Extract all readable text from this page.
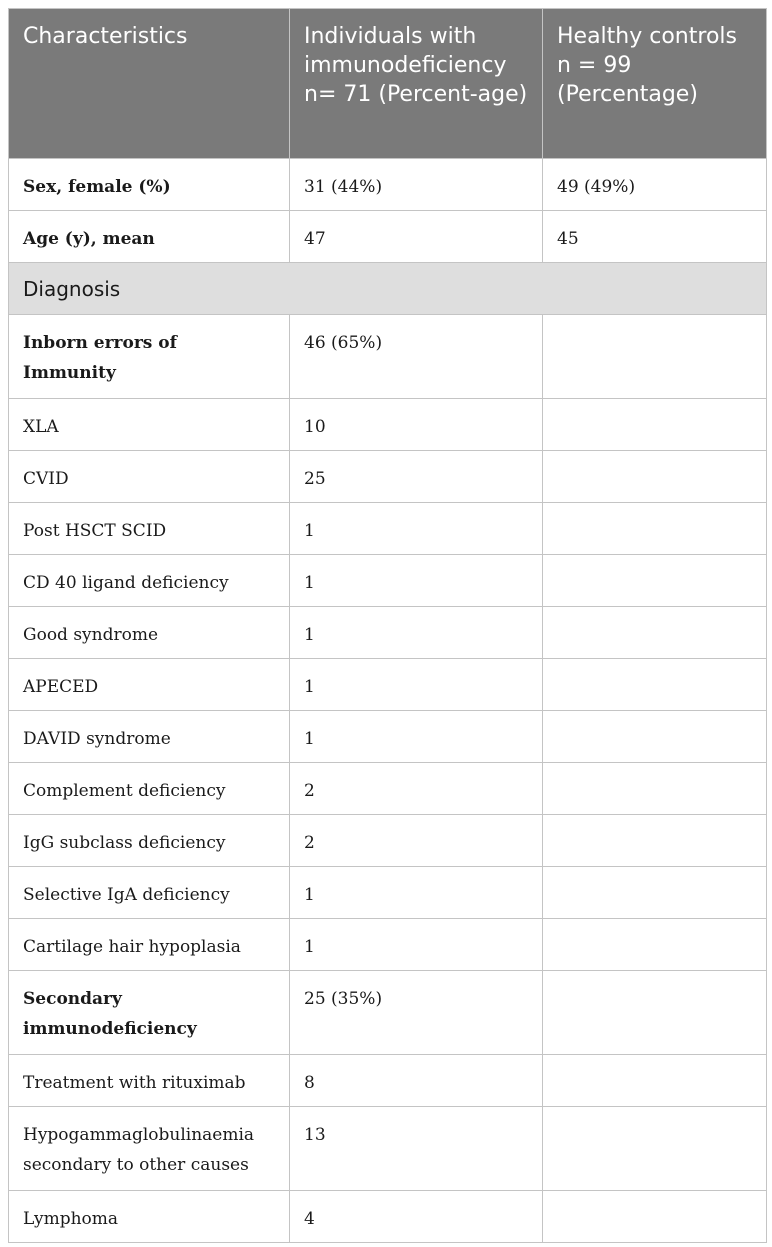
Characteristics	Individuals with immunodeficiency n= 71 (Percent-age)	Healthy controls n = 99 (Percentage)
Sex, female (%)	31 (44%)	49 (49%)
Age (y), mean	47	45
Diagnosis		
Inborn errors of Immunity	46 (65%)	
XLA	10	
CVID	25	
Post HSCT SCID	1	
CD 40 ligand deficiency	1	
Good syndrome	1	
APECED	1	
DAVID syndrome	1	
Complement deficiency	2	
IgG subclass deficiency	2	
Selective IgA deficiency	1	
Cartilage hair hypoplasia	1	
Secondary immunodeficiency	25 (35%)	
Treatment with rituximab	8	
Hypogammaglobulinaemia secondary to other causes	13	
Lymphoma	4	
